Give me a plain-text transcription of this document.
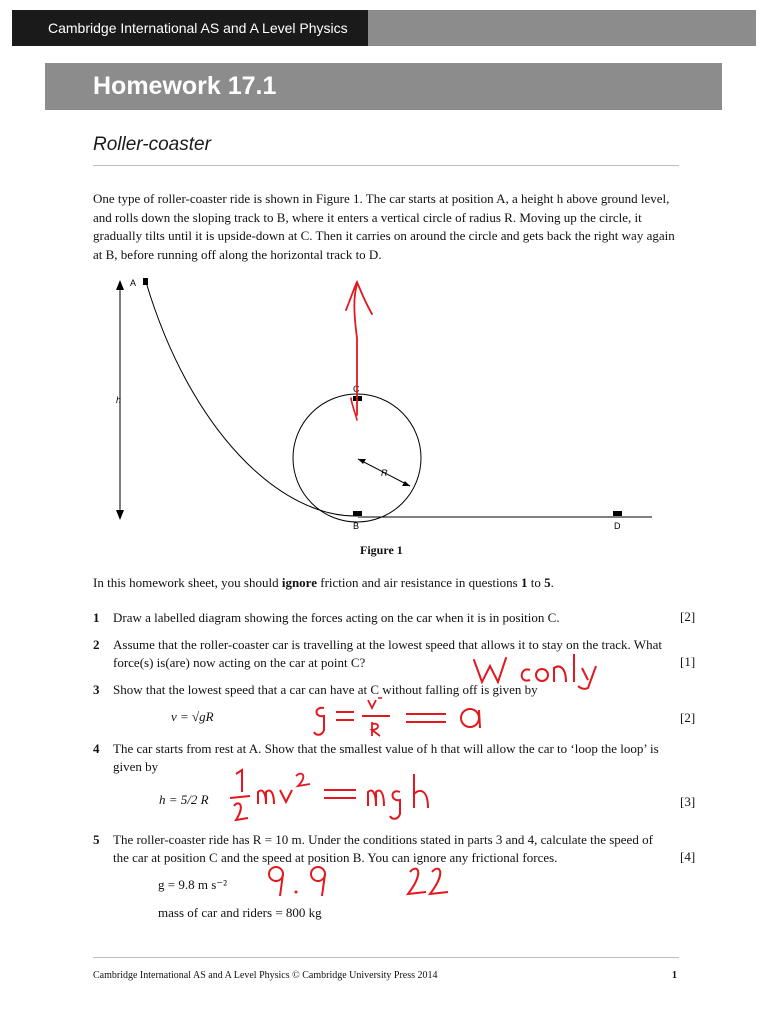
Cambridge International AS and A Level Physics
Homework 17.1
Roller-coaster
One type of roller-coaster ride is shown in Figure 1. The car starts at position A, a height h above ground level, and rolls down the sloping track to B, where it enters a vertical circle of radius R. Moving up the circle, it gradually tilts until it is upside-down at C. Then it carries on around the circle and gets back the right way again at B, before running off along the horizontal track to D.
h
A
B
C
D
R
Figure 1
In this homework sheet, you should ignore friction and air resistance in questions 1 to 5.
1 Draw a labelled diagram showing the forces acting on the car when it is in position C.	[2]
2 Assume that the roller-coaster car is travelling at the lowest speed that allows it to stay on the track. What force(s) is(are) now acting on the car at point C?	[1]
3 Show that the lowest speed that a car can have at C without falling off is given by
v = √gR	[2]
4 The car starts from rest at A. Show that the smallest value of h that will allow the car to ‘loop the loop’ is given by
h = 5/2 R	[3]
5 The roller-coaster ride has R = 10 m. Under the conditions stated in parts 3 and 4, calculate the speed of the car at position C and the speed at position B. You can ignore any frictional forces.	[4]
g = 9.8 m s⁻²
mass of car and riders = 800 kg
Cambridge International AS and A Level Physics © Cambridge University Press 2014	1
